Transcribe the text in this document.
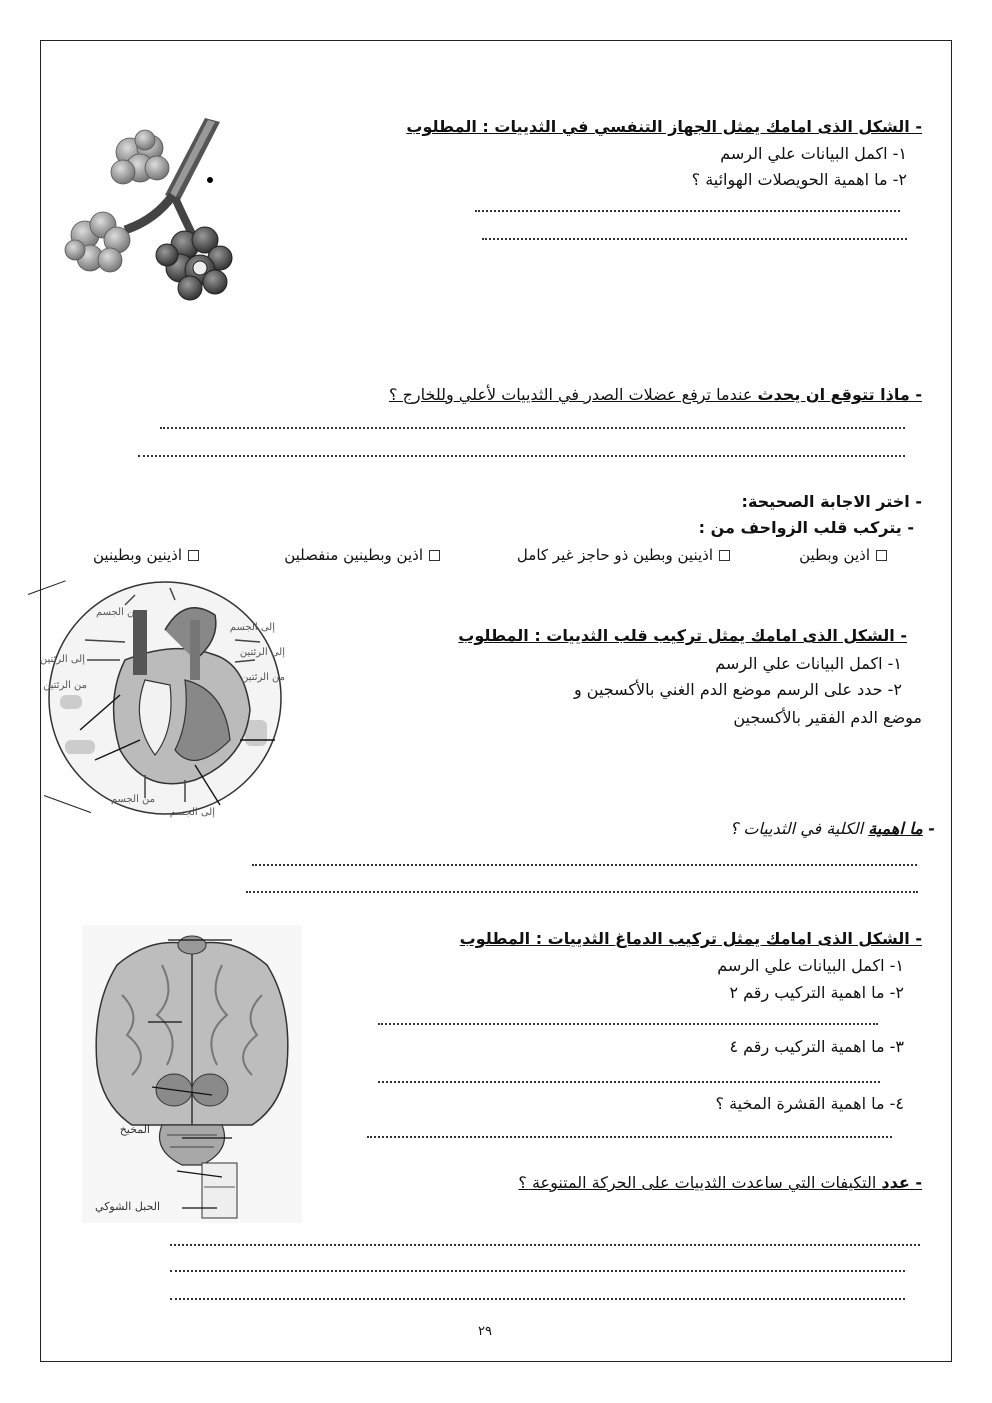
- الشكل الذى امامك يمثل الجهاز التنفسي في الثدييات : المطلوب
١- اكمل البيانات علي الرسم
٢- ما اهمية الحويصلات الهوائية ؟
- ماذا تتوقع ان يحدث عندما ترفع عضلات الصدر في الثدييات لأعلي وللخارج ؟
- اختر الاجابة الصحيحة:
- يتركب قلب الزواحف من :
اذين وبطين
اذينين وبطين ذو حاجز غير كامل
اذين وبطينين منفصلين
اذينين وبطينين
من الجسم
إلى الجسم
إلى الرئتين
من الرئتين
إلى الرئتين
من الرئتين
من الجسم
إلى الجسم
- الشكل الذى امامك يمثل تركيب قلب الثدييات : المطلوب
١- اكمل البيانات علي الرسم
٢- حدد على الرسم موضع الدم الغني بالأكسجين و
موضع الدم الفقير بالأكسجين
- ما اهمية الكلية في الثدييات ؟
المخيخ
الحبل الشوكي
- الشكل الذى امامك يمثل تركيب الدماغ الثدييات : المطلوب
١- اكمل البيانات علي الرسم
٢- ما اهمية التركيب رقم ٢
٣- ما اهمية التركيب رقم ٤
٤- ما اهمية القشرة المخية ؟
- عدد التكيفات التي ساعدت الثدييات على الحركة المتنوعة ؟
٢٩
